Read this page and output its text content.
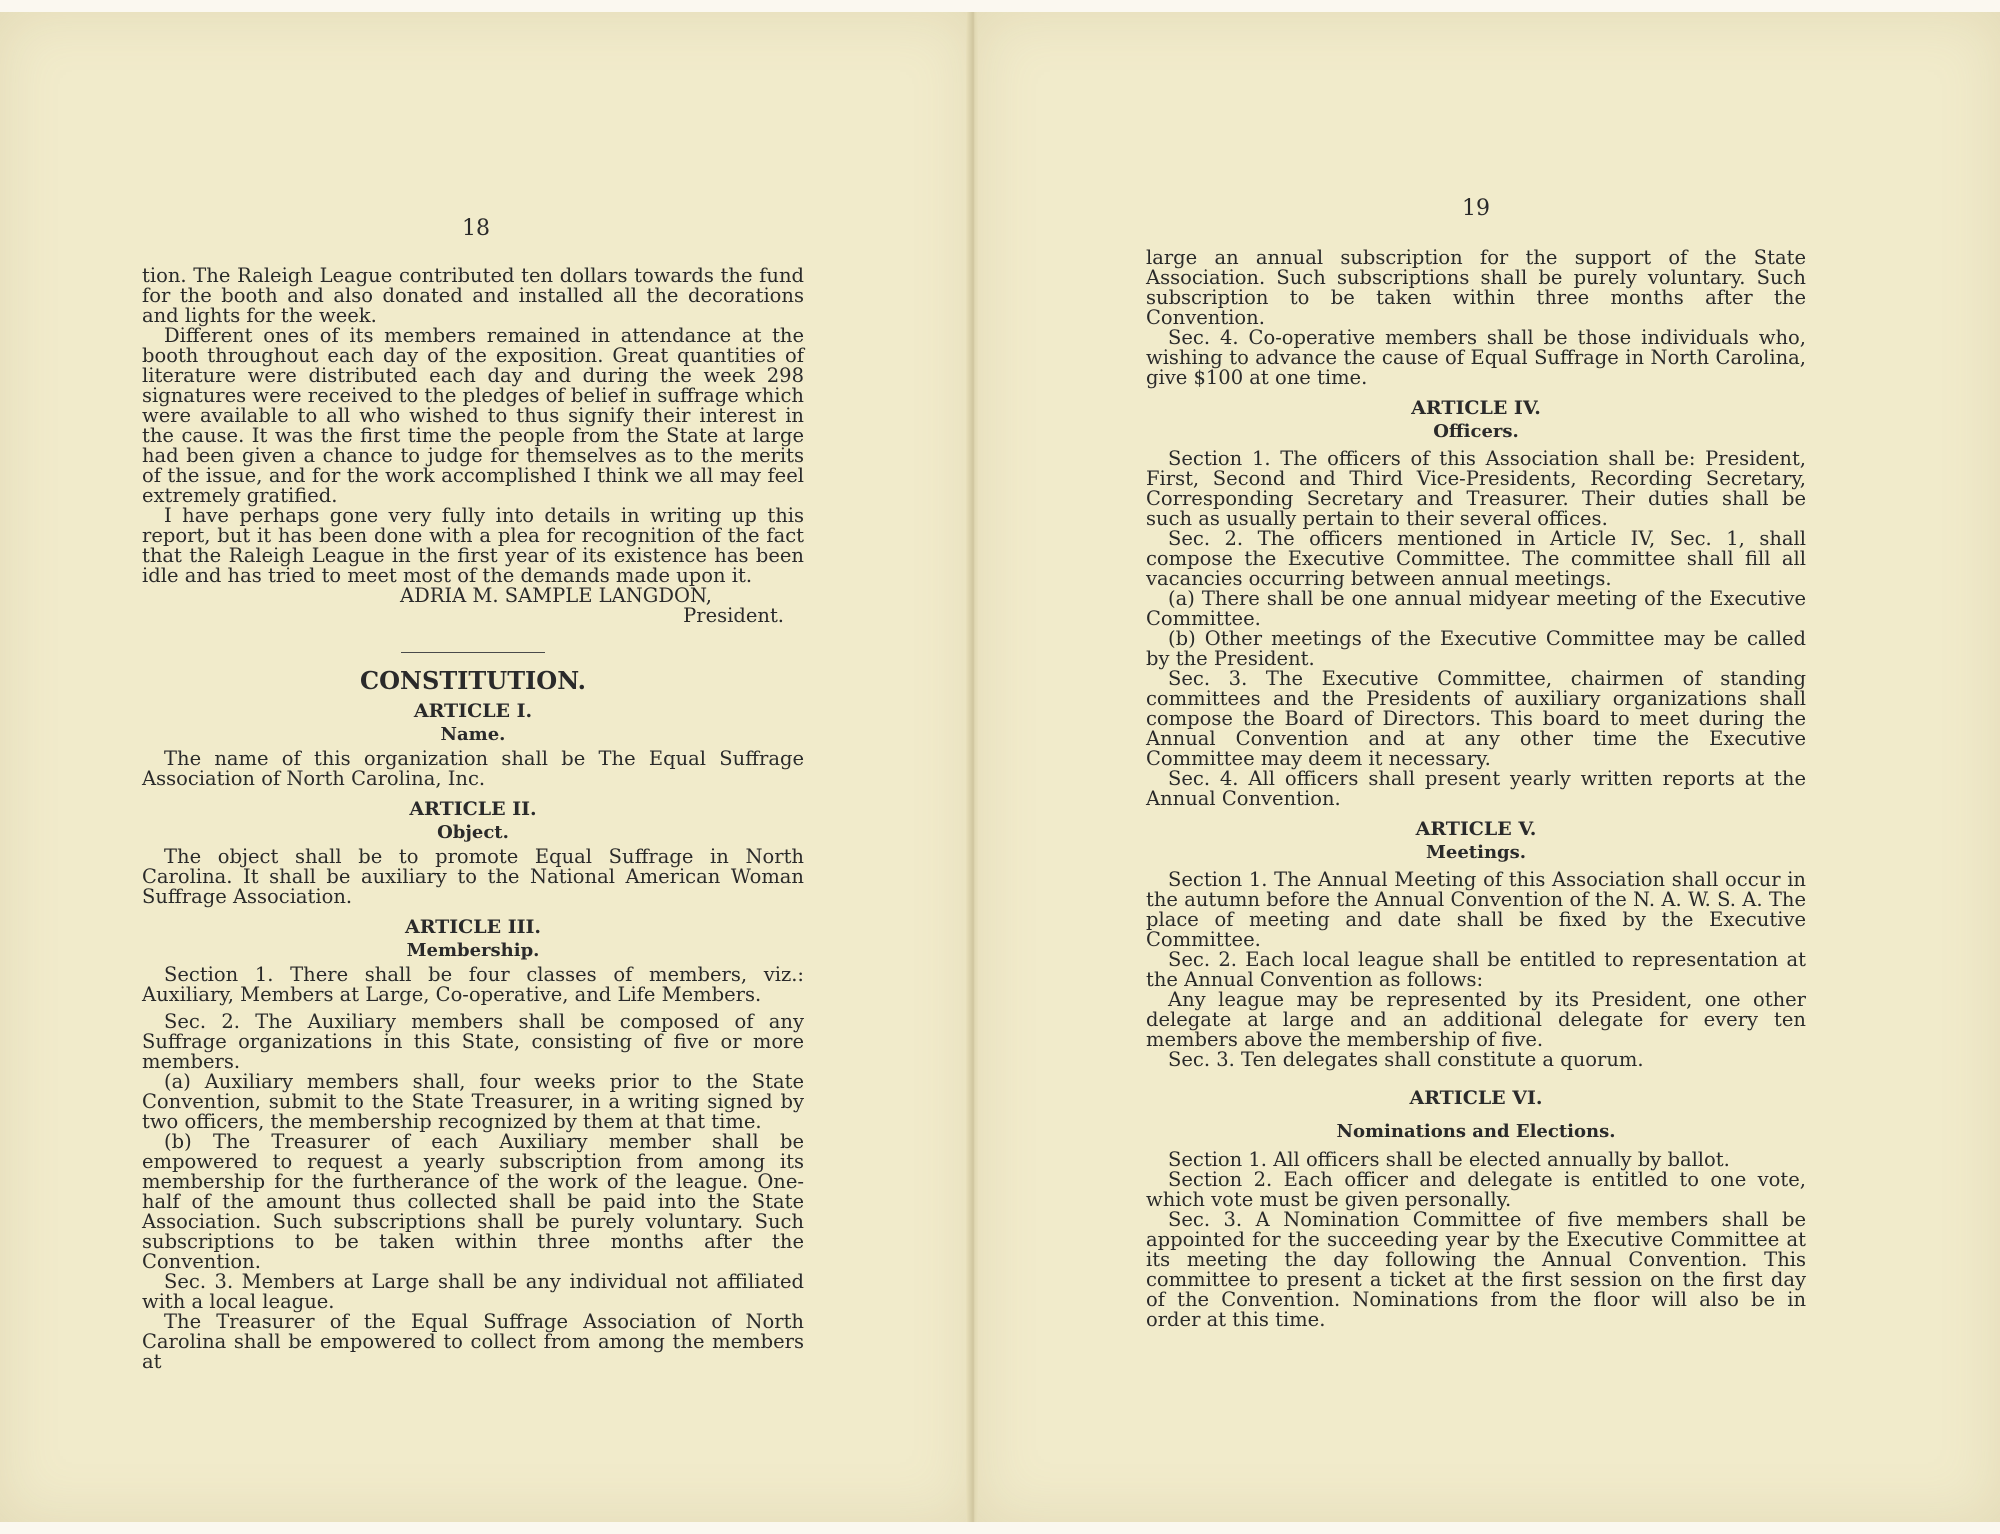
18

tion. The Raleigh League contributed ten dollars towards the fund for the booth and also donated and installed all the decorations and lights for the week.

Different ones of its members remained in attendance at the booth throughout each day of the exposition. Great quantities of literature were distributed each day and during the week 298 signatures were received to the pledges of belief in suffrage which were available to all who wished to thus signify their interest in the cause. It was the first time the people from the State at large had been given a chance to judge for themselves as to the merits of the issue, and for the work accomplished I think we all may feel extremely gratified.

I have perhaps gone very fully into details in writing up this report, but it has been done with a plea for recognition of the fact that the Raleigh League in the first year of its existence has been idle and has tried to meet most of the demands made upon it.

ADRIA M. SAMPLE LANGDON,

President.

CONSTITUTION.

ARTICLE I.

Name.

The name of this organization shall be The Equal Suffrage Association of North Carolina, Inc.

ARTICLE II.

Object.

The object shall be to promote Equal Suffrage in North Carolina. It shall be auxiliary to the National American Woman Suffrage Association.

ARTICLE III.

Membership.

Section 1. There shall be four classes of members, viz.: Auxiliary, Members at Large, Co-operative, and Life Members.

Sec. 2. The Auxiliary members shall be composed of any Suffrage organizations in this State, consisting of five or more members.

(a) Auxiliary members shall, four weeks prior to the State Convention, submit to the State Treasurer, in a writing signed by two officers, the membership recognized by them at that time.

(b) The Treasurer of each Auxiliary member shall be empowered to request a yearly subscription from among its membership for the furtherance of the work of the league. One-half of the amount thus collected shall be paid into the State Association. Such subscriptions shall be purely voluntary. Such subscriptions to be taken within three months after the Convention.

Sec. 3. Members at Large shall be any individual not affiliated with a local league.

The Treasurer of the Equal Suffrage Association of North Carolina shall be empowered to collect from among the members at

19

large an annual subscription for the support of the State Association. Such subscriptions shall be purely voluntary. Such subscription to be taken within three months after the Convention.

Sec. 4. Co-operative members shall be those individuals who, wishing to advance the cause of Equal Suffrage in North Carolina, give $100 at one time.

ARTICLE IV.

Officers.

Section 1. The officers of this Association shall be: President, First, Second and Third Vice-Presidents, Recording Secretary, Corresponding Secretary and Treasurer. Their duties shall be such as usually pertain to their several offices.

Sec. 2. The officers mentioned in Article IV, Sec. 1, shall compose the Executive Committee. The committee shall fill all vacancies occurring between annual meetings.

(a) There shall be one annual midyear meeting of the Executive Committee.

(b) Other meetings of the Executive Committee may be called by the President.

Sec. 3. The Executive Committee, chairmen of standing committees and the Presidents of auxiliary organizations shall compose the Board of Directors. This board to meet during the Annual Convention and at any other time the Executive Committee may deem it necessary.

Sec. 4. All officers shall present yearly written reports at the Annual Convention.

ARTICLE V.

Meetings.

Section 1. The Annual Meeting of this Association shall occur in the autumn before the Annual Convention of the N. A. W. S. A. The place of meeting and date shall be fixed by the Executive Committee.

Sec. 2. Each local league shall be entitled to representation at the Annual Convention as follows:

Any league may be represented by its President, one other delegate at large and an additional delegate for every ten members above the membership of five.

Sec. 3. Ten delegates shall constitute a quorum.

ARTICLE VI.

Nominations and Elections.

Section 1. All officers shall be elected annually by ballot.

Section 2. Each officer and delegate is entitled to one vote, which vote must be given personally.

Sec. 3. A Nomination Committee of five members shall be appointed for the succeeding year by the Executive Committee at its meeting the day following the Annual Convention. This committee to present a ticket at the first session on the first day of the Convention. Nominations from the floor will also be in order at this time.
